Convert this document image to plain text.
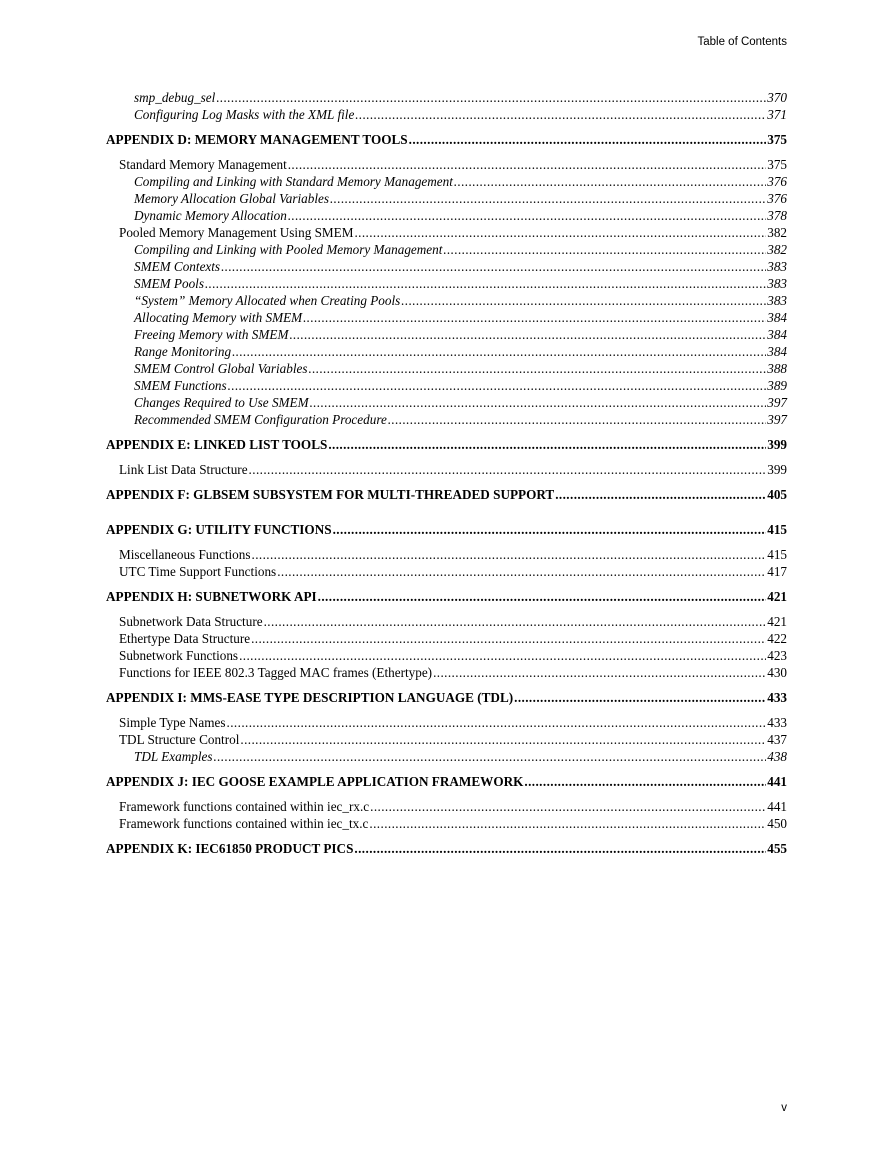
Table of Contents
smp_debug_sel .....	370
Configuring Log Masks with the XML file .....	371
APPENDIX D: MEMORY MANAGEMENT TOOLS .....	375
Standard Memory Management .....	375
Compiling and Linking with Standard Memory Management .....	376
Memory Allocation Global Variables .....	376
Dynamic Memory Allocation .....	378
Pooled Memory Management Using SMEM .....	382
Compiling and Linking with Pooled Memory Management .....	382
SMEM Contexts .....	383
SMEM Pools .....	383
“System” Memory Allocated when Creating Pools .....	383
Allocating Memory with SMEM .....	384
Freeing Memory with SMEM .....	384
Range Monitoring .....	384
SMEM Control Global Variables .....	388
SMEM Functions .....	389
Changes Required to Use SMEM .....	397
Recommended SMEM Configuration Procedure .....	397
APPENDIX E: LINKED LIST TOOLS .....	399
Link List Data Structure .....	399
APPENDIX F: GLBSEM SUBSYSTEM FOR MULTI-THREADED SUPPORT .....	405
APPENDIX G: UTILITY FUNCTIONS .....	415
Miscellaneous Functions .....	415
UTC Time Support Functions .....	417
APPENDIX H: SUBNETWORK API .....	421
Subnetwork Data Structure .....	421
Ethertype Data Structure .....	422
Subnetwork Functions .....	423
Functions for IEEE 802.3 Tagged MAC frames (Ethertype) .....	430
APPENDIX I: MMS-EASE TYPE DESCRIPTION LANGUAGE (TDL) .....	433
Simple Type Names .....	433
TDL Structure Control .....	437
TDL Examples .....	438
APPENDIX J: IEC GOOSE EXAMPLE APPLICATION FRAMEWORK .....	441
Framework functions contained within iec_rx.c .....	441
Framework functions contained within iec_tx.c .....	450
APPENDIX K: IEC61850 PRODUCT PICS .....	455
v
